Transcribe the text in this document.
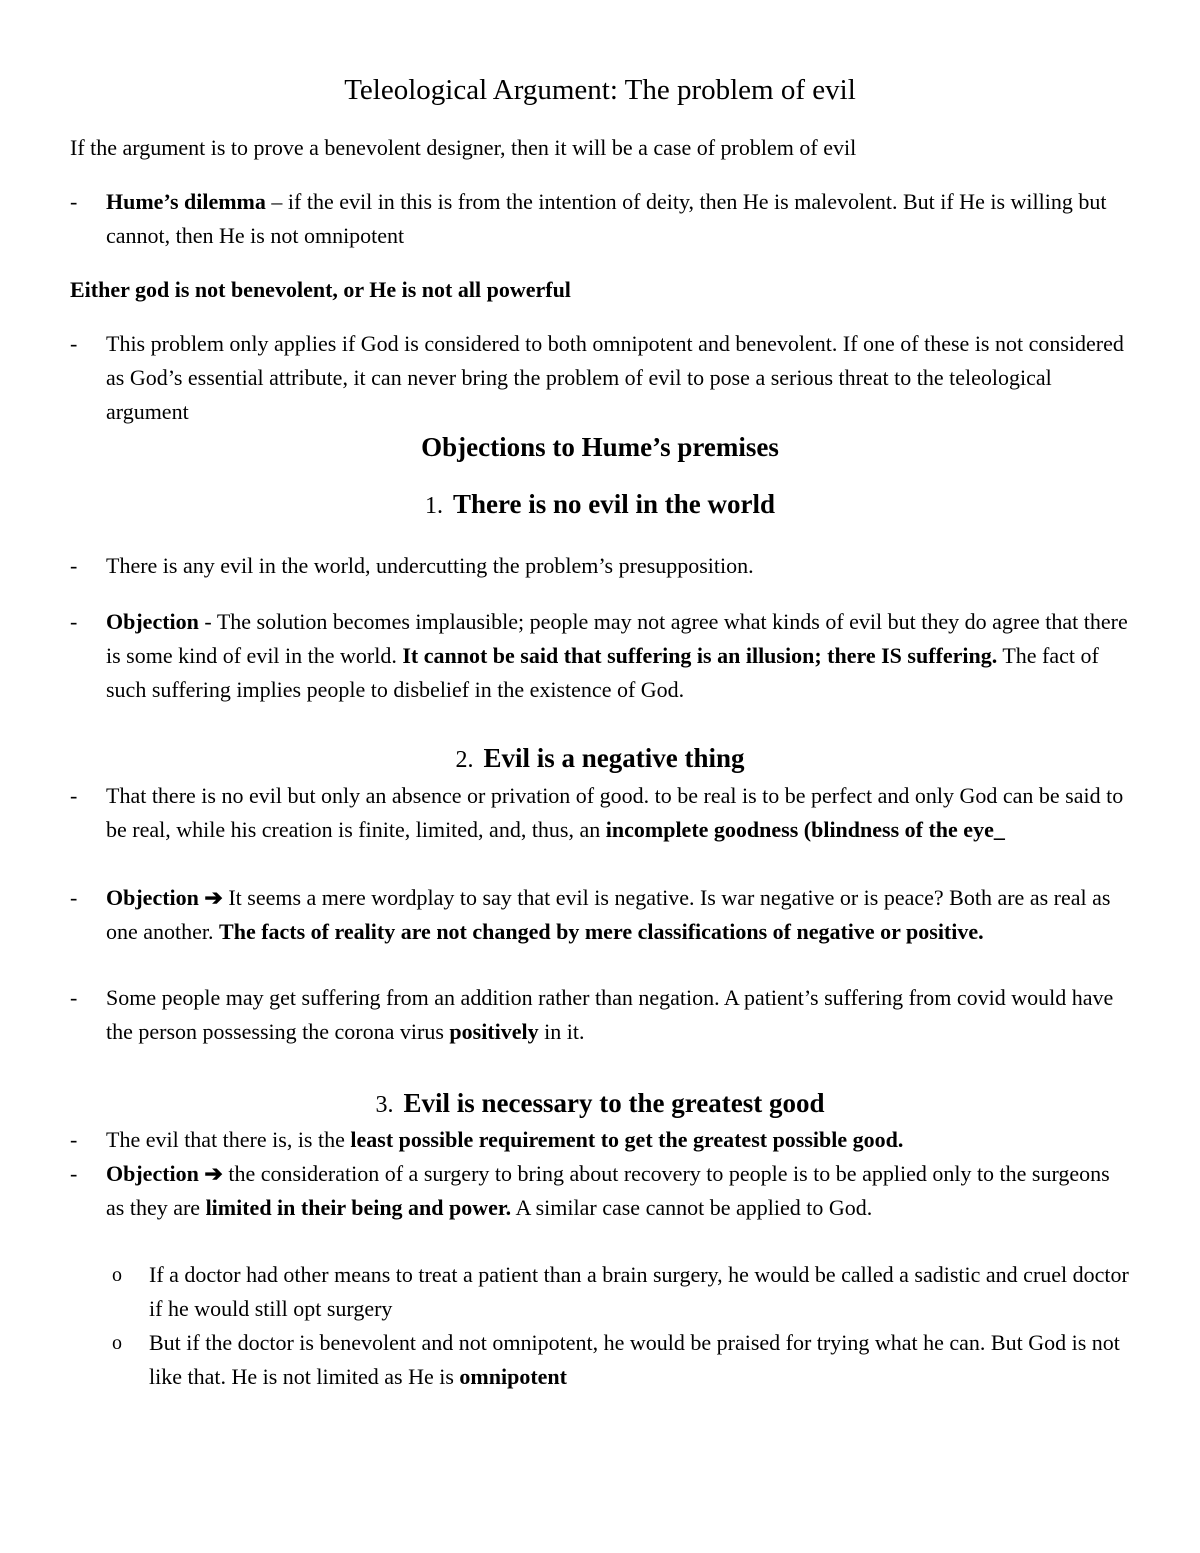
Teleological Argument: The problem of evil
If the argument is to prove a benevolent designer, then it will be a case of problem of evil
-	Hume’s dilemma – if the evil in this is from the intention of deity, then He is malevolent. But if He is willing but cannot, then He is not omnipotent
Either god is not benevolent, or He is not all powerful
-	This problem only applies if God is considered to both omnipotent and benevolent. If one of these is not considered as God’s essential attribute, it can never bring the problem of evil to pose a serious threat to the teleological argument
Objections to Hume’s premises
1. There is no evil in the world
-	There is any evil in the world, undercutting the problem’s presupposition.
-	Objection - The solution becomes implausible; people may not agree what kinds of evil but they do agree that there is some kind of evil in the world. It cannot be said that suffering is an illusion; there IS suffering. The fact of such suffering implies people to disbelief in the existence of God.
2. Evil is a negative thing
-	That there is no evil but only an absence or privation of good. to be real is to be perfect and only God can be said to be real, while his creation is finite, limited, and, thus, an incomplete goodness (blindness of the eye_
-	Objection ➔ It seems a mere wordplay to say that evil is negative. Is war negative or is peace? Both are as real as one another. The facts of reality are not changed by mere classifications of negative or positive.
-	Some people may get suffering from an addition rather than negation. A patient’s suffering from covid would have the person possessing the corona virus positively in it.
3. Evil is necessary to the greatest good
-	The evil that there is, is the least possible requirement to get the greatest possible good.
-	Objection ➔ the consideration of a surgery to bring about recovery to people is to be applied only to the surgeons as they are limited in their being and power. A similar case cannot be applied to God.
o	If a doctor had other means to treat a patient than a brain surgery, he would be called a sadistic and cruel doctor if he would still opt surgery
o	But if the doctor is benevolent and not omnipotent, he would be praised for trying what he can. But God is not like that. He is not limited as He is omnipotent
